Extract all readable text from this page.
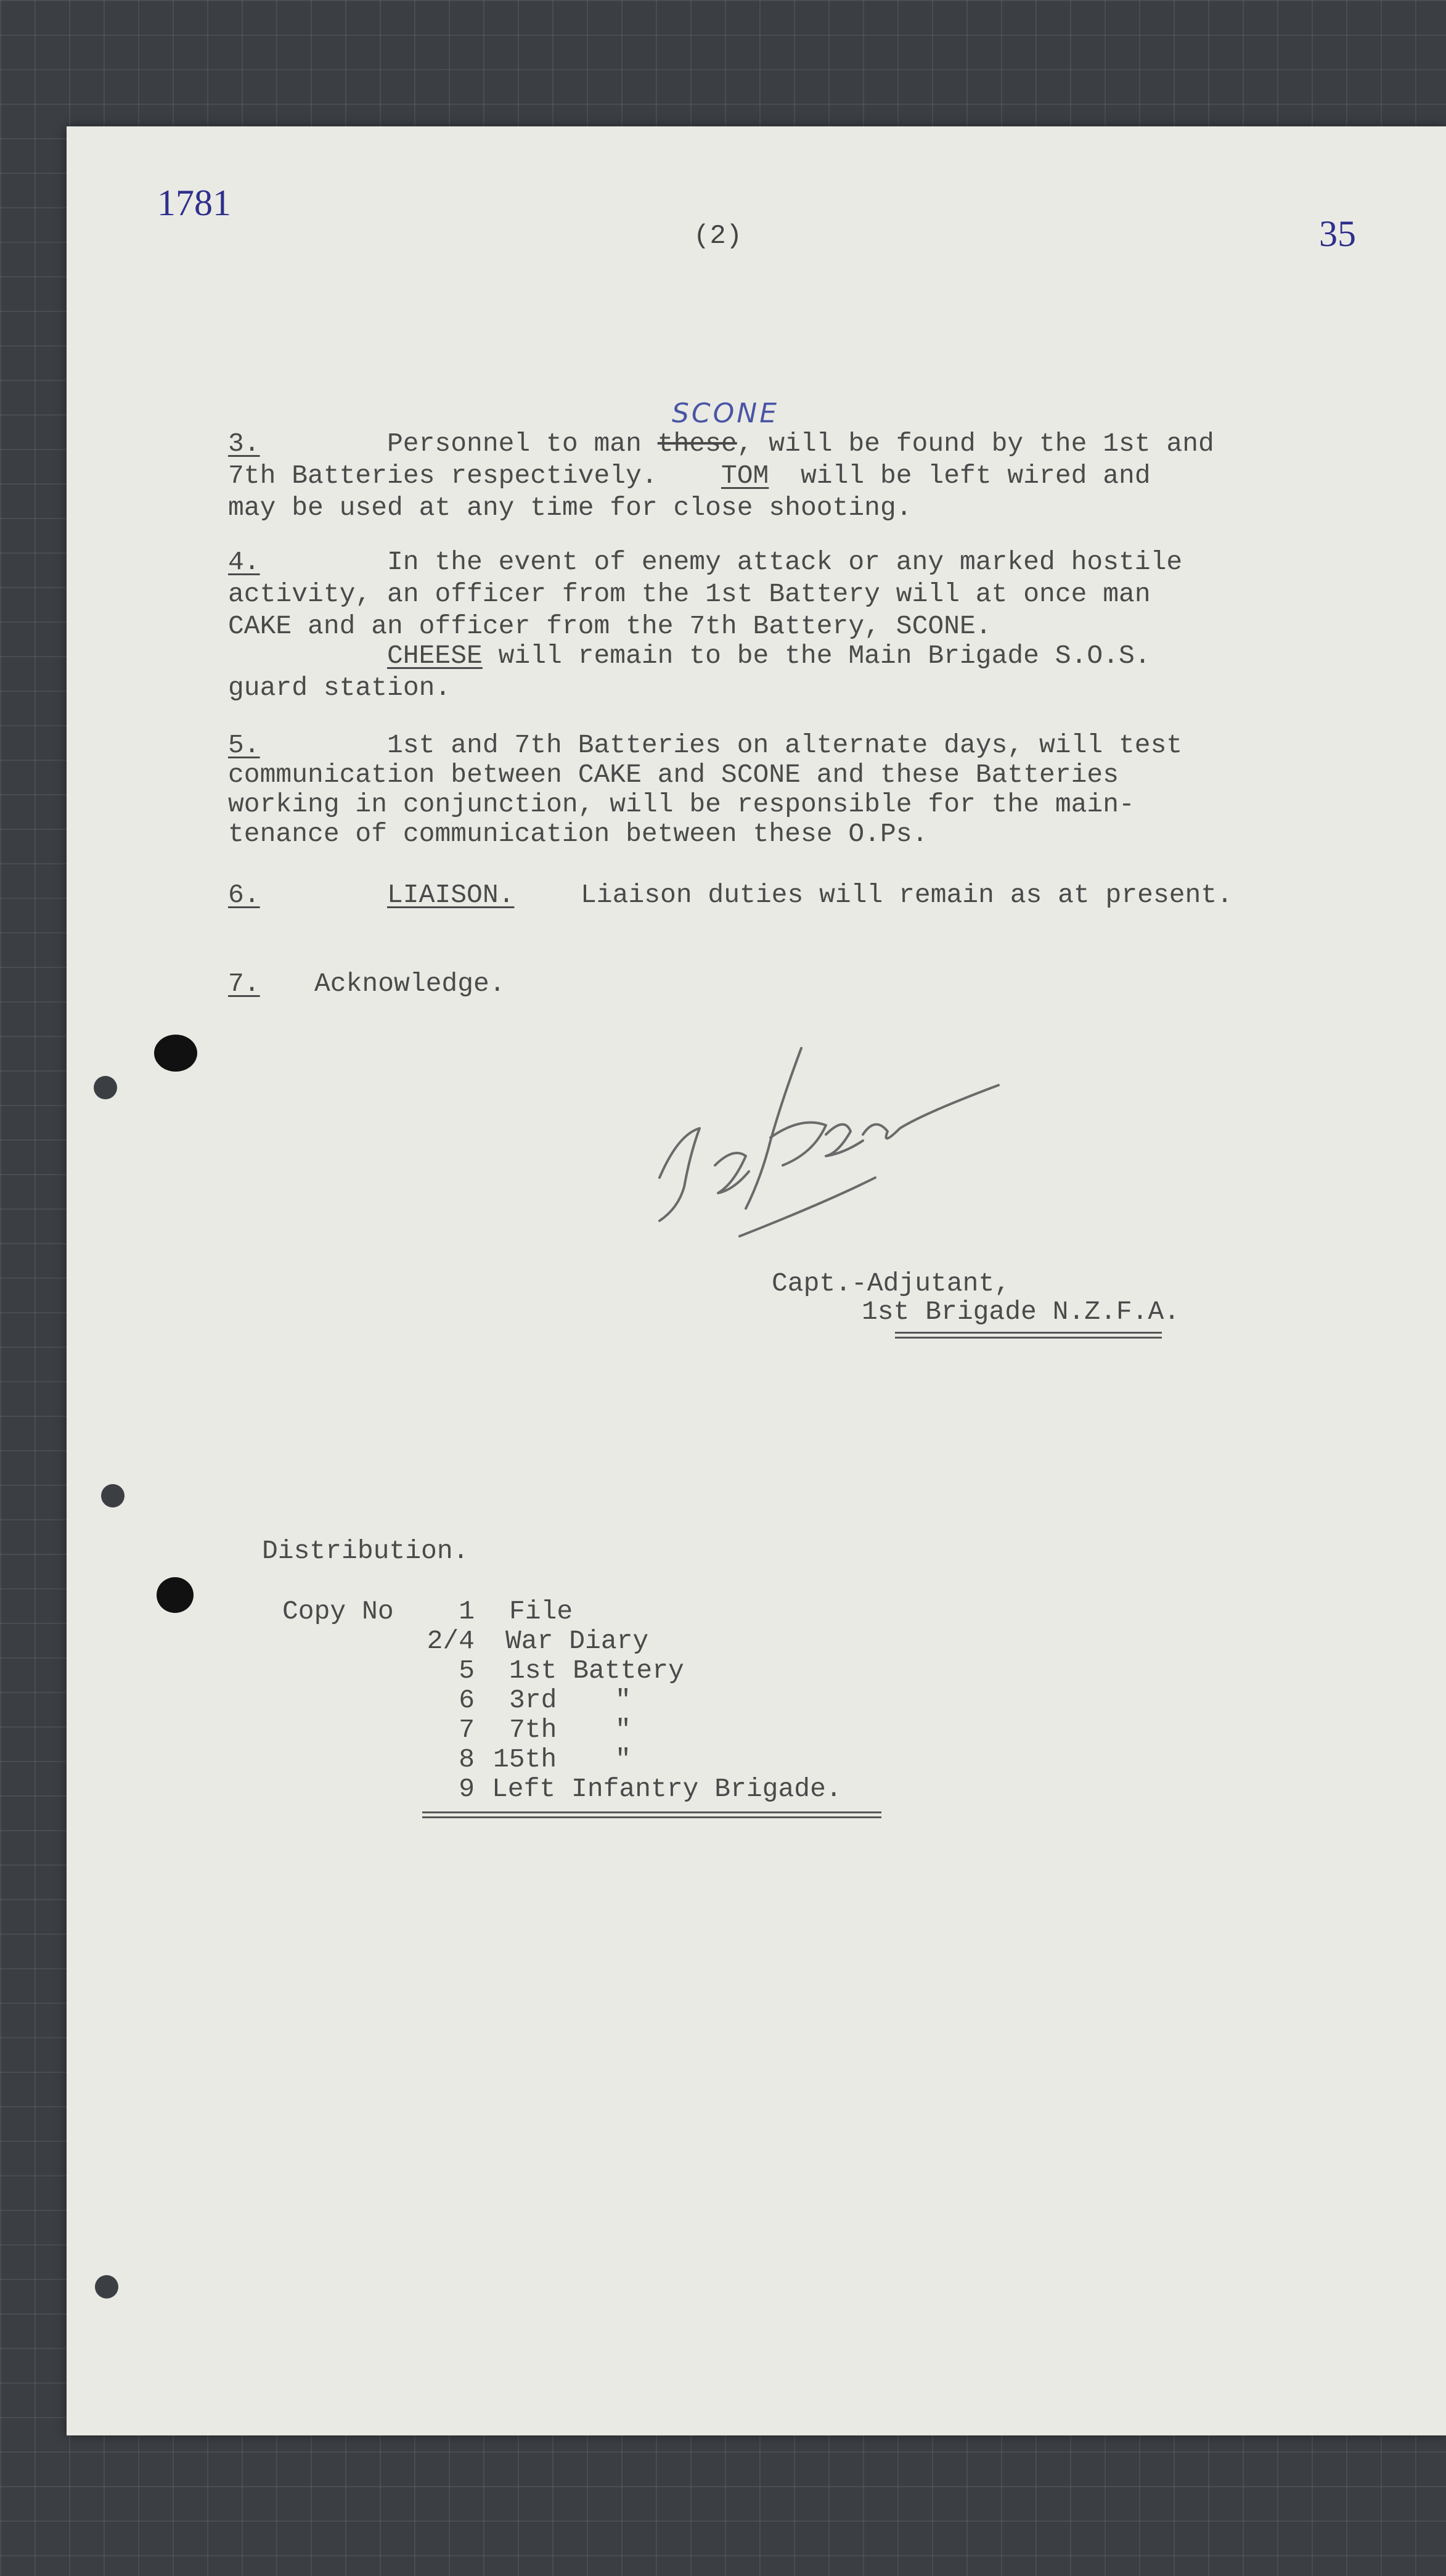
1781
(2)	35
SCONE
3.	Personnel to man these, will be found by the 1st and
7th Batteries respectively.    TOM  will be left wired and
may be used at any time for close shooting.
4.	In the event of enemy attack or any marked hostile
activity, an officer from the 1st Battery will at once man
CAKE and an officer from the 7th Battery, SCONE.
CHEESE will remain to be the Main Brigade S.O.S.
guard station.
5.	1st and 7th Batteries on alternate days, will test
communication between CAKE and SCONE and these Batteries
working in conjunction, will be responsible for the main-
tenance of communication between these O.Ps.
6.	LIAISON.	Liaison duties will remain as at present.
7. Acknowledge.
Capt.-Adjutant,
1st Brigade N.Z.F.A.
Distribution.
Copy No	1 File
2/4 War Diary
5 1st Battery
6 3rd "
7 7th "
8 15th "
9 Left Infantry Brigade.
